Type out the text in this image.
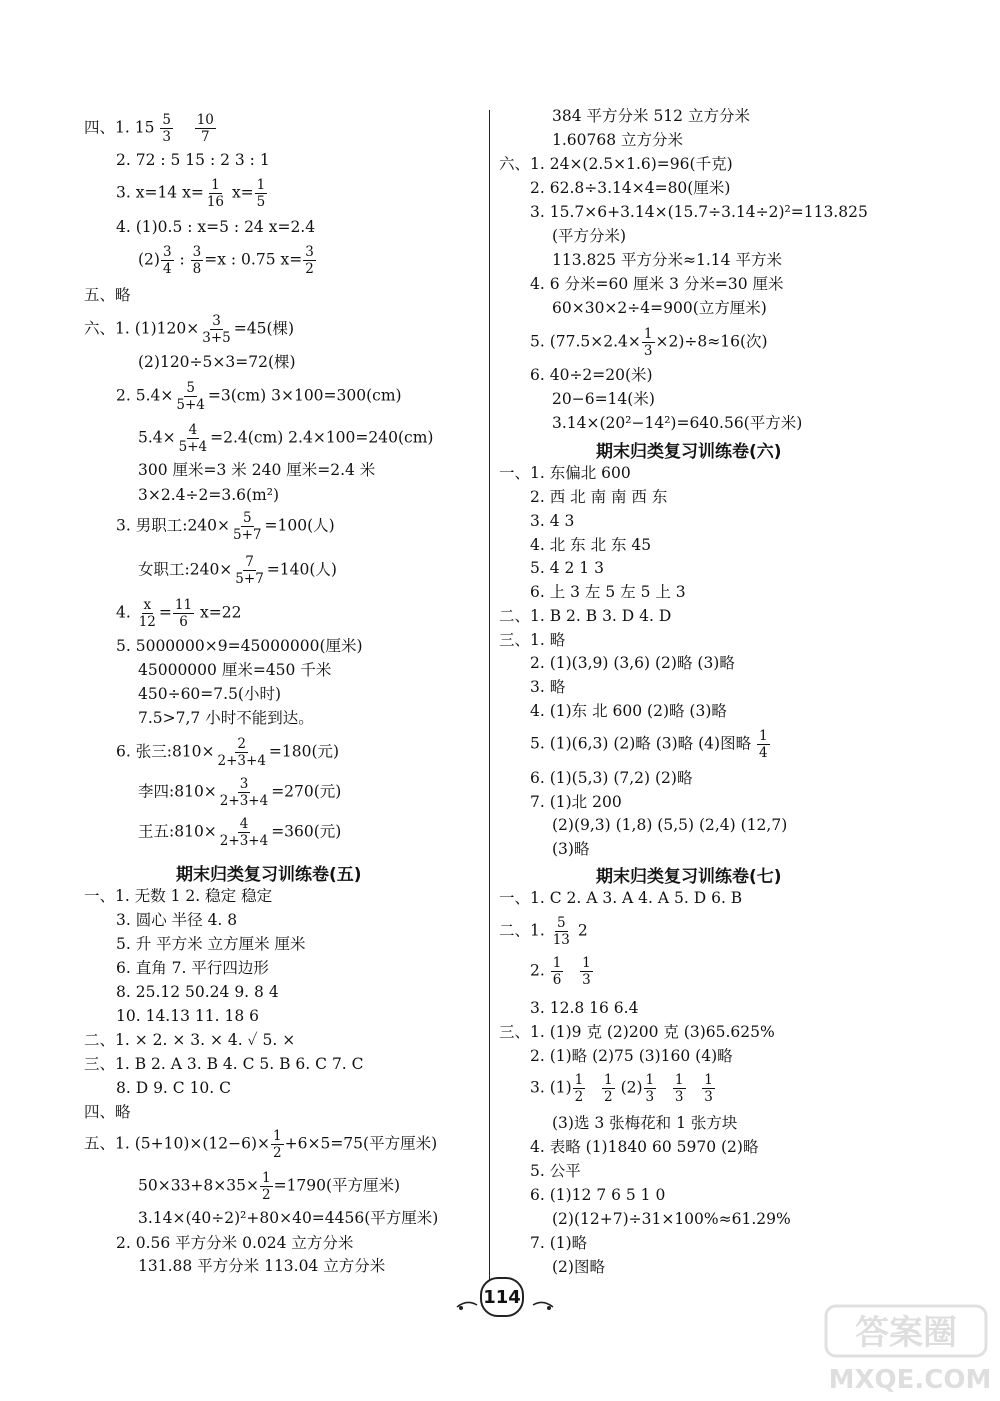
四、1. $15 \frac{5}{3}$
$\frac{10}{7}$
2. 72 : 5 15 : 2 3 : 1
3. x=14 $x= \frac{1}{16} x= \frac{1}{5}$
4. (1)0.5 : x=5 : 24 x=2.4
$(2) \frac{3}{4}$ : $\frac{3}{8} =x$ : 0.75 $x= \frac{3}{2}$
五、略
六、1. $(1)120\times \frac{3}{3+5} =45$(棵)
(2)120÷5×3=72(棵)
2. $5.4\times \frac{5}{5+4} =3(cm)$ 3×100=300(cm)
$5.4\times \frac{4}{5+4} =2.4(cm)$ 2.4×100=240(cm)
300 厘米=3 米 240 厘米=2.4 米
3×2.4÷2=3.6(m²)
3. 男职工:240× $\frac{5}{5+7} =100$(人)
女职工:240× $\frac{7}{5+7} =140$(人)
4. $\frac{x}{12} = \frac{11}{6} x=22$
5. 5000000×9=45000000(厘米)
45000000 厘米=450 千米
450÷60=7.5(小时)
7.5>7,7 小时不能到达。
6. 张三:810× $\frac{2}{2+3+4} =180$(元)
李四:810× $\frac{3}{2+3+4} =270$(元)
王五:810× $\frac{4}{2+3+4} =360$(元)
期末归类复习训练卷(五)
一、1. 无数 1 2. 稳定 稳定
3. 圆心 半径 4. 8
5. 升 平方米 立方厘米 厘米
6. 直角 7. 平行四边形
8. 25.12 50.24 9. 8 4
10. 14.13 11. 18 6
二、1. × 2. × 3. × 4. ✓ 5. ×
三、1. B 2. A 3. B 4. C 5. B 6. C 7. C
8. D 9. C 10. C
四、略
五、1. $(5+10)\times(12-6)\times \frac{1}{2} +6\times 5=75$(平方厘米)
$50\times 33+8\times 35\times \frac{1}{2} =1790$(平方厘米)
3.14×(40÷2)²+80×40=4456(平方厘米)
2. 0.56 平方分米 0.024 立方分米
131.88 平方分米 113.04 立方分米
384 平方分米 512 立方分米
1.60768 立方分米
六、1. 24×(2.5×1.6)=96(千克)
2. 62.8÷3.14×4=80(厘米)
3. 15.7×6+3.14×(15.7÷3.14÷2)²=113.825
(平方分米)
113.825 平方分米≈1.14 平方米
4. 6 分米=60 厘米 3 分米=30 厘米
60×30×2÷4=900(立方厘米)
5. $(77.5\times 2.4\times \frac{1}{3} \times 2)\div 8\approx 16$(次)
6. 40÷2=20(米)
20−6=14(米)
3.14×(20²−14²)=640.56(平方米)
期末归类复习训练卷(六)
一、1. 东偏北 600
2. 西 北 南 南 西 东
3. 4 3
4. 北 东 北 东 45
5. 4 2 1 3
6. 上 3 左 5 左 5 上 3
二、1. B 2. B 3. D 4. D
三、1. 略
2. (1)(3,9) (3,6) (2)略 (3)略
3. 略
4. (1)东 北 600 (2)略 (3)略
5. (1)(6,3) (2)略 (3)略 (4)图略 $\frac{1}{4}$
6. (1)(5,3) (7,2) (2)略
7. (1)北 200
(2)(9,3) (1,8) (5,5) (2,4) (12,7)
(3)略
期末归类复习训练卷(七)
一、1. C 2. A 3. A 4. A 5. D 6. B
二、1. $\frac{5}{13} 2$
2. $\frac{1}{6}$
$\frac{1}{3}$
3. 12.8 16 6.4
三、1. (1)9 克 (2)200 克 (3)65.625%
2. (1)略 (2)75 (3)160 (4)略
3. $(1) \frac{1}{2}$
$\frac{1}{2} (2) \frac{1}{3}$
$\frac{1}{3}$
$\frac{1}{3}$
(3)选 3 张梅花和 1 张方块
4. 表略 (1)1840 60 5970 (2)略
5. 公平
6. (1)12 7 6 5 1 0
(2)(12+7)÷31×100%≈61.29%
7. (1)略
(2)图略
114
答案圈
MXQE.COM
